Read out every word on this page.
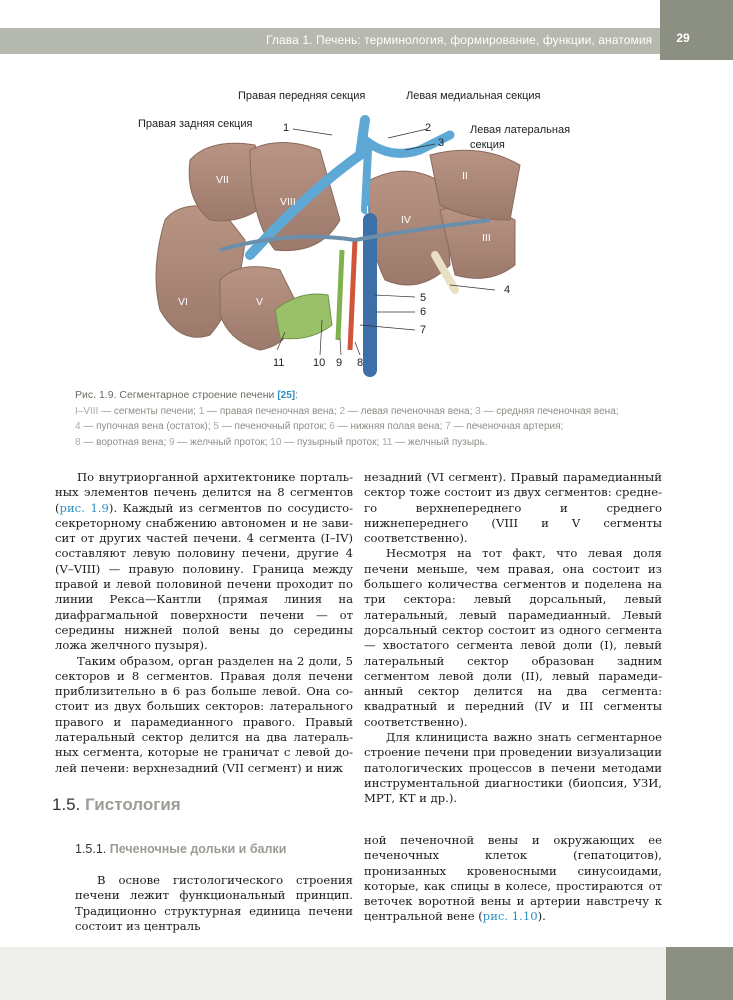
Глава 1. Печень: терминология, формирование, функции, анатомия	29
Правая передняя секция	Левая медиальная секция
Правая задняя секция	Левая латеральная
секция
1	2
3
4
5
6
7
8
9
10
11
I
II
III
IV
V
VI
VII
VIII
Рис. 1.9. Сегментарное строение печени [25]:
I–VIII — сегменты печени; 1 — правая печеночная вена; 2 — левая печеночная вена; 3 — средняя печеночная вена;
4 — пупочная вена (остаток); 5 — печеночный проток; 6 — нижняя полая вена; 7 — печеночная артерия;
8 — воротная вена; 9 — желчный проток; 10 — пузырный проток; 11 — желчный пузырь.

По внутриорганной архитектонике портальных элементов печень делится на 8 сегментов (рис. 1.9). Каждый из сегментов по сосудисто-секреторному снабжению автономен и не зависит от других частей печени. 4 сегмента (I–IV) составляют левую половину печени, другие 4 (V–VIII) — правую половину. Граница между правой и левой половиной печени проходит по линии Рекса—Кантли (прямая линия на диафрагмальной поверхности печени — от середины нижней полой вены до середины ложа желчного пузыря).

Таким образом, орган разделен на 2 доли, 5 секторов и 8 сегментов. Правая доля печени приблизительно в 6 раз больше левой. Она состоит из двух больших секторов: латерального правого и парамедианного правого. Правый латеральный сектор делится на два латеральных сегмента, которые не граничат с левой долей печени: верхнезадний (VII сегмент) и ниж

незадний (VI сегмент). Правый парамедианный сектор тоже состоит из двух сегментов: среднего верхнепереднего и среднего нижнепереднего (VIII и V сегменты соответственно).

Несмотря на тот факт, что левая доля печени меньше, чем правая, она состоит из большего количества сегментов и поделена на три сектора: левый дорсальный, левый латеральный, левый парамедианный. Левый дорсальный сектор состоит из одного сегмента — хвостатого сегмента левой доли (I), левый латеральный сектор образован задним сегментом левой доли (II), левый парамедианный сектор делится на два сегмента: квадратный и передний (IV и III сегменты соответственно).

Для клинициста важно знать сегментарное строение печени при проведении визуализации патологических процессов в печени методами инструментальной диагностики (биопсия, УЗИ, МРТ, КТ и др.).

1.5. Гистология
1.5.1. Печеночные дольки и балки

В основе гистологического строения печени лежит функциональный принцип. Традиционно структурная единица печени состоит из централь

ной печеночной вены и окружающих ее печеночных клеток (гепатоцитов), пронизанных кровеносными синусоидами, которые, как спицы в колесе, простираются от веточек воротной вены и артерии навстречу к центральной вене (рис. 1.10).
